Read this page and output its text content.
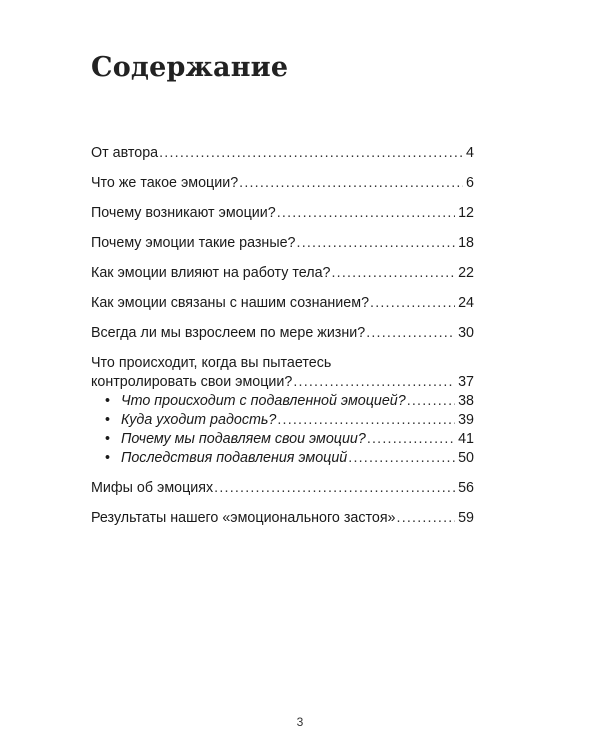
Содержание
От автора .....	4
Что же такое эмоции? .....	6
Почему возникают эмоции? .....	12
Почему эмоции такие разные? .....	18
Как эмоции влияют на работу тела? .....	22
Как эмоции связаны с нашим сознанием? .....	24
Всегда ли мы взрослеем по мере жизни? .....	30
Что происходит, когда вы пытаетесь
контролировать свои эмоции? .....	37
• Что происходит с подавленной эмоцией? .....	38
• Куда уходит радость? .....	39
• Почему мы подавляем свои эмоции? .....	41
• Последствия подавления эмоций .....	50
Мифы об эмоциях .....	56
Результаты нашего «эмоционального застоя» .....	59
3
